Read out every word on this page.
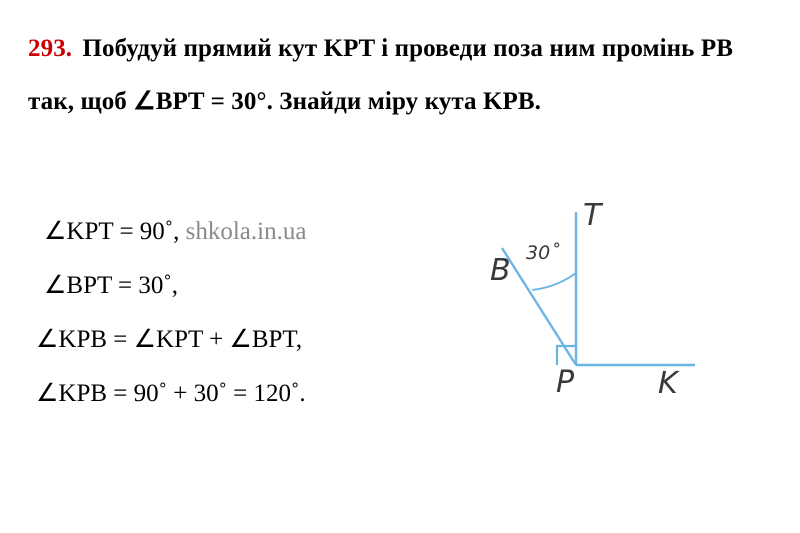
293. Побудуй прямий кут KPT і проведи поза ним промінь PB так, щоб ∠BPT = 30°. Знайди міру кута KPB.
∠KPT = 90˚, shkola.in.ua
∠BPT = 30˚,
∠KPB = ∠KPT + ∠BPT,
∠KPB = 90˚ + 30˚ = 120˚.
T
B
P	K
30˚
